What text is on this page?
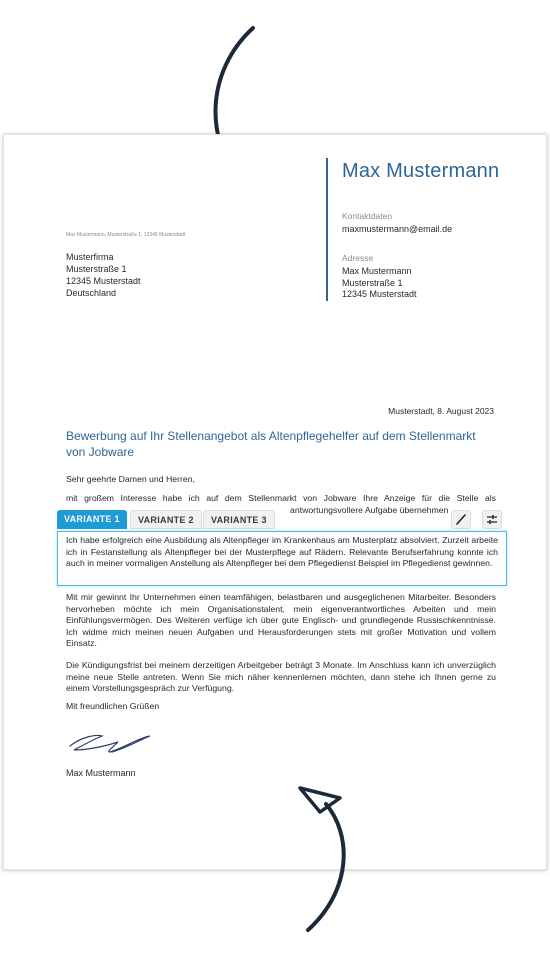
Max Mustermann
Kontaktdaten
maxmustermann@email.de
Adresse
Max Mustermann
Musterstraße 1
12345 Musterstadt
Max Mustermann, Musterstraße 1, 12345 Musterstadt
Musterfirma
Musterstraße 1
12345 Musterstadt
Deutschland
Musterstadt, 8. August 2023
Bewerbung auf Ihr Stellenangebot als Altenpflegehelfer auf dem Stellenmarkt von Jobware
Sehr geehrte Damen und Herren,
mit großem Interesse habe ich auf dem Stellenmarkt von Jobware Ihre Anzeige für die Stelle als
antwortungsvollere Aufgabe übernehmen
VARIANTE 1	VARIANTE 2	VARIANTE 3
Ich habe erfolgreich eine Ausbildung als Altenpfleger im Krankenhaus am Musterplatz absolviert. Zurzeit arbeite ich in Festanstellung als Altenpfleger bei der Musterpflege auf Rädern. Relevante Berufserfahrung konnte ich auch in meiner vormaligen Anstellung als Altenpfleger bei dem Pflegedienst Beispiel im Pflegedienst gewinnen.
Mit mir gewinnt Ihr Unternehmen einen teamfähigen, belastbaren und ausgeglichenen Mitarbeiter. Besonders hervorheben möchte ich mein Organisationstalent, mein eigenverantwortliches Arbeiten und mein Einfühlungsvermögen. Des Weiteren verfüge ich über gute Englisch- und grundlegende Russischkenntnisse. Ich widme mich meinen neuen Aufgaben und Herausforderungen stets mit großer Motivation und vollem Einsatz.
Die Kündigungsfrist bei meinem derzeitigen Arbeitgeber beträgt 3 Monate. Im Anschluss kann ich unverzüglich meine neue Stelle antreten. Wenn Sie mich näher kennenlernen möchten, dann stehe ich Ihnen gerne zu einem Vorstellungsgespräch zur Verfügung.
Mit freundlichen Grüßen
Max Mustermann
